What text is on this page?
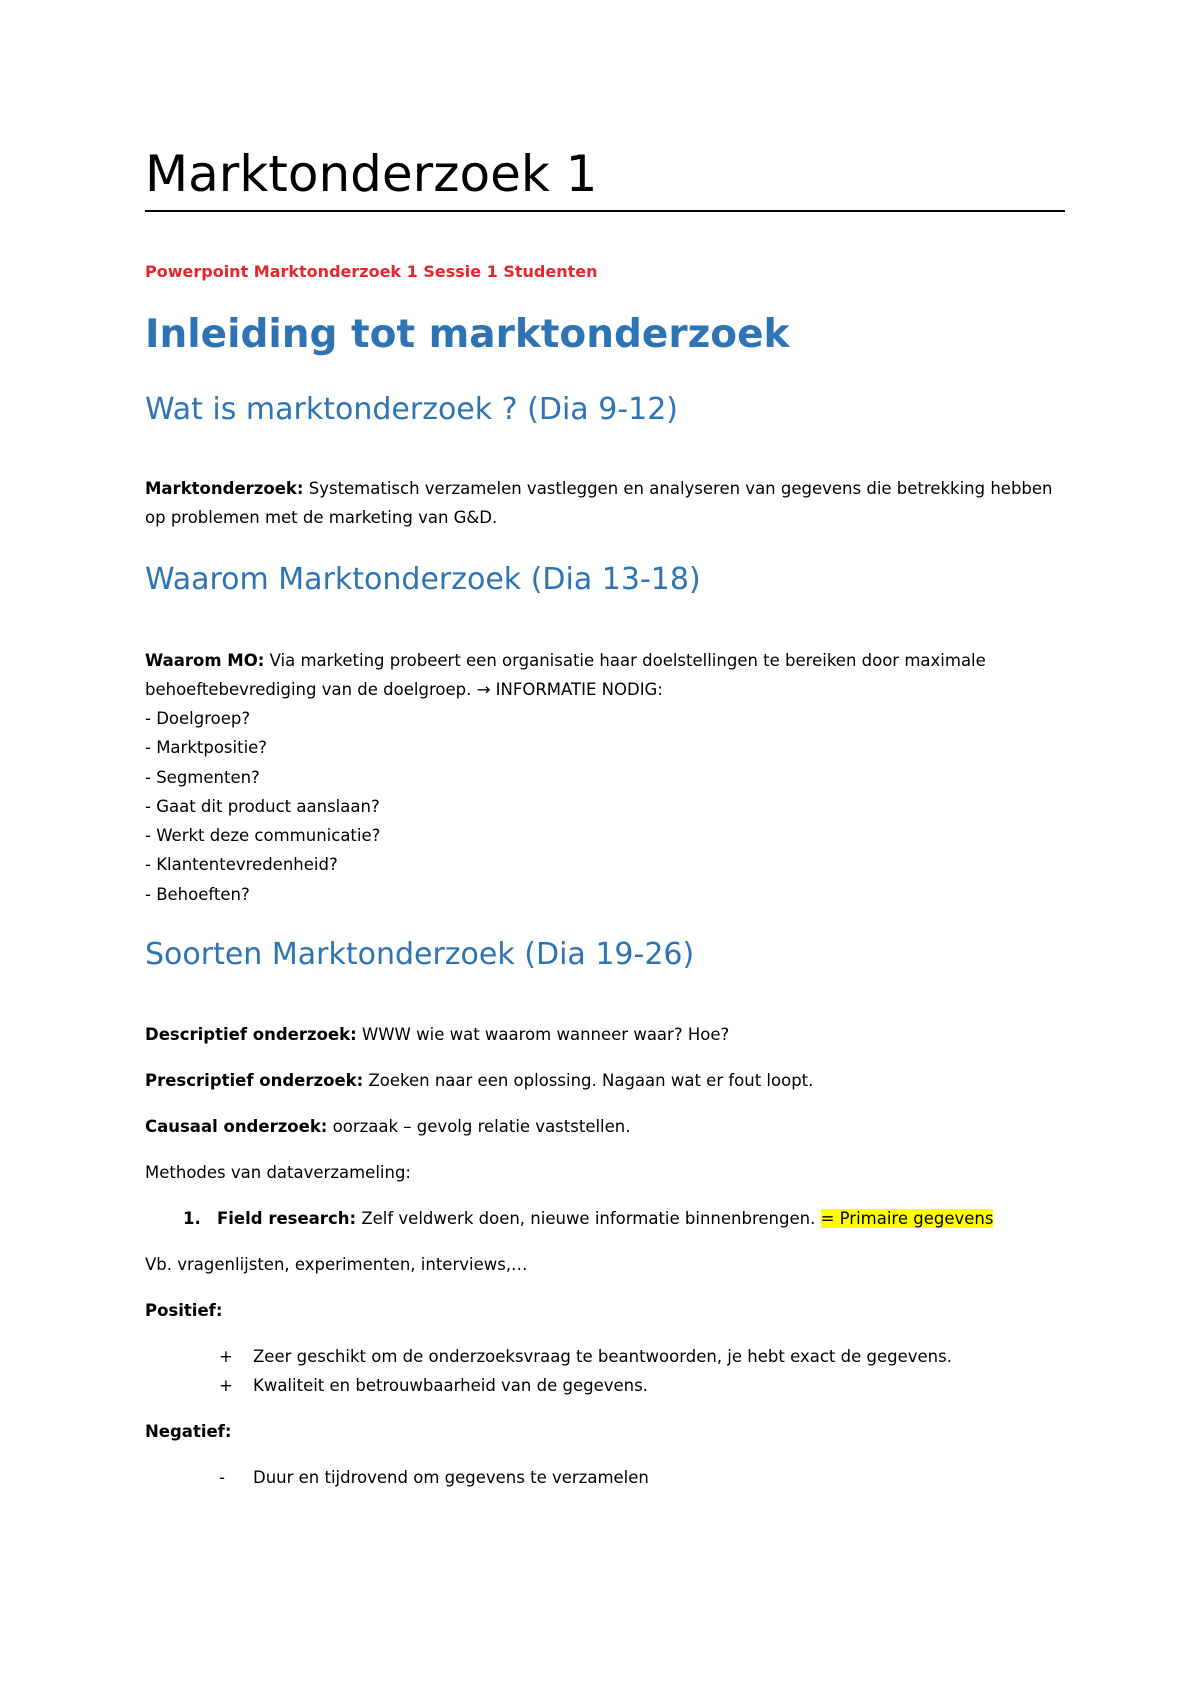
Marktonderzoek 1
Powerpoint Marktonderzoek 1 Sessie 1 Studenten
Inleiding tot marktonderzoek
Wat is marktonderzoek ? (Dia 9-12)
Marktonderzoek: Systematisch verzamelen vastleggen en analyseren van gegevens die betrekking hebben op problemen met de marketing van G&D.
Waarom Marktonderzoek (Dia 13-18)
Waarom MO: Via marketing probeert een organisatie haar doelstellingen te bereiken door maximale behoeftebevrediging van de doelgroep. → INFORMATIE NODIG:
- Doelgroep?
- Marktpositie?
- Segmenten?
- Gaat dit product aanslaan?
- Werkt deze communicatie?
- Klantentevredenheid?
- Behoeften?
Soorten Marktonderzoek (Dia 19-26)
Descriptief onderzoek: WWW wie wat waarom wanneer waar? Hoe?
Prescriptief onderzoek: Zoeken naar een oplossing. Nagaan wat er fout loopt.
Causaal onderzoek: oorzaak – gevolg relatie vaststellen.
Methodes van dataverzameling:
1. Field research: Zelf veldwerk doen, nieuwe informatie binnenbrengen. = Primaire gegevens
Vb. vragenlijsten, experimenten, interviews,…
Positief:
+ Zeer geschikt om de onderzoeksvraag te beantwoorden, je hebt exact de gegevens.
+ Kwaliteit en betrouwbaarheid van de gegevens.
Negatief:
- Duur en tijdrovend om gegevens te verzamelen
